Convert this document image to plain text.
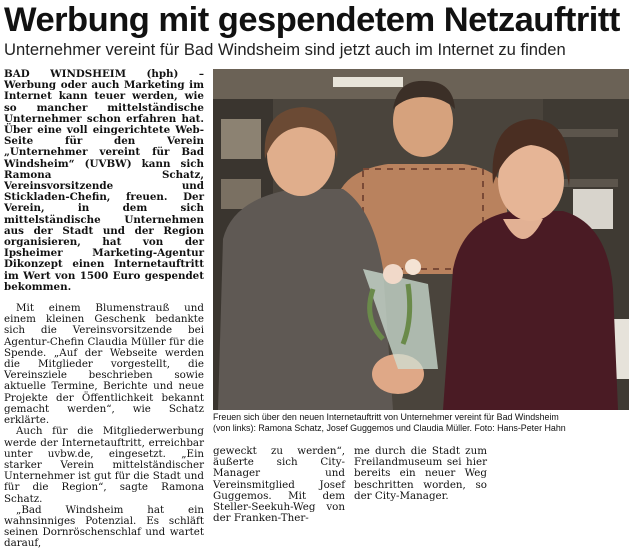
Werbung mit gespendetem Netzauftritt
Unternehmer vereint für Bad Windsheim sind jetzt auch im Internet zu finden

BAD WINDSHEIM (hph) – Werbung oder auch Marketing im Internet kann teuer werden, wie so mancher mittelständische Unternehmer schon erfahren hat. Über eine voll eingerichtete Web-Seite für den Verein „Unternehmer vereint für Bad Windsheim“ (UVBW) kann sich Ramona Schatz, Vereinsvorsitzende und Stickladen-Chefin, freuen. Der Verein, in dem sich mittelständische Unternehmen aus der Stadt und der Region organisieren, hat von der Ipsheimer Marketing-Agentur Dikonzept einen Internetauftritt im Wert von 1500 Euro gespendet bekommen.

Mit einem Blumenstrauß und einem kleinen Geschenk bedankte sich die Vereinsvorsitzende bei Agentur-Chefin Claudia Müller für die Spende. „Auf der Webseite werden die Mitglieder vorgestellt, die Vereinsziele beschrieben sowie aktuelle Termine, Berichte und neue Projekte der Öffentlichkeit bekannt gemacht werden“, wie Schatz erklärte.

Auch für die Mitgliederwerbung werde der Internetauftritt, erreichbar unter uvbw.de, eingesetzt. „Ein starker Verein mittelständischer Unternehmer ist gut für die Stadt und für die Region“, sagte Ramona Schatz.

„Bad Windsheim hat ein wahnsinniges Potenzial. Es schläft seinen Dornröschenschlaf und wartet darauf,

Freuen sich über den neuen Internetauftritt von Unternehmer vereint für Bad Windsheim
(von links): Ramona Schatz, Josef Guggemos und Claudia Müller. Foto: Hans-Peter Hahn

geweckt zu werden“, äußerte sich City-Manager und Vereinsmitglied Josef Guggemos. Mit dem Steller-Seekuh-Weg von der Franken-Ther-

me durch die Stadt zum Freilandmuseum sei hier bereits ein neuer Weg beschritten worden, so der City-Manager.
